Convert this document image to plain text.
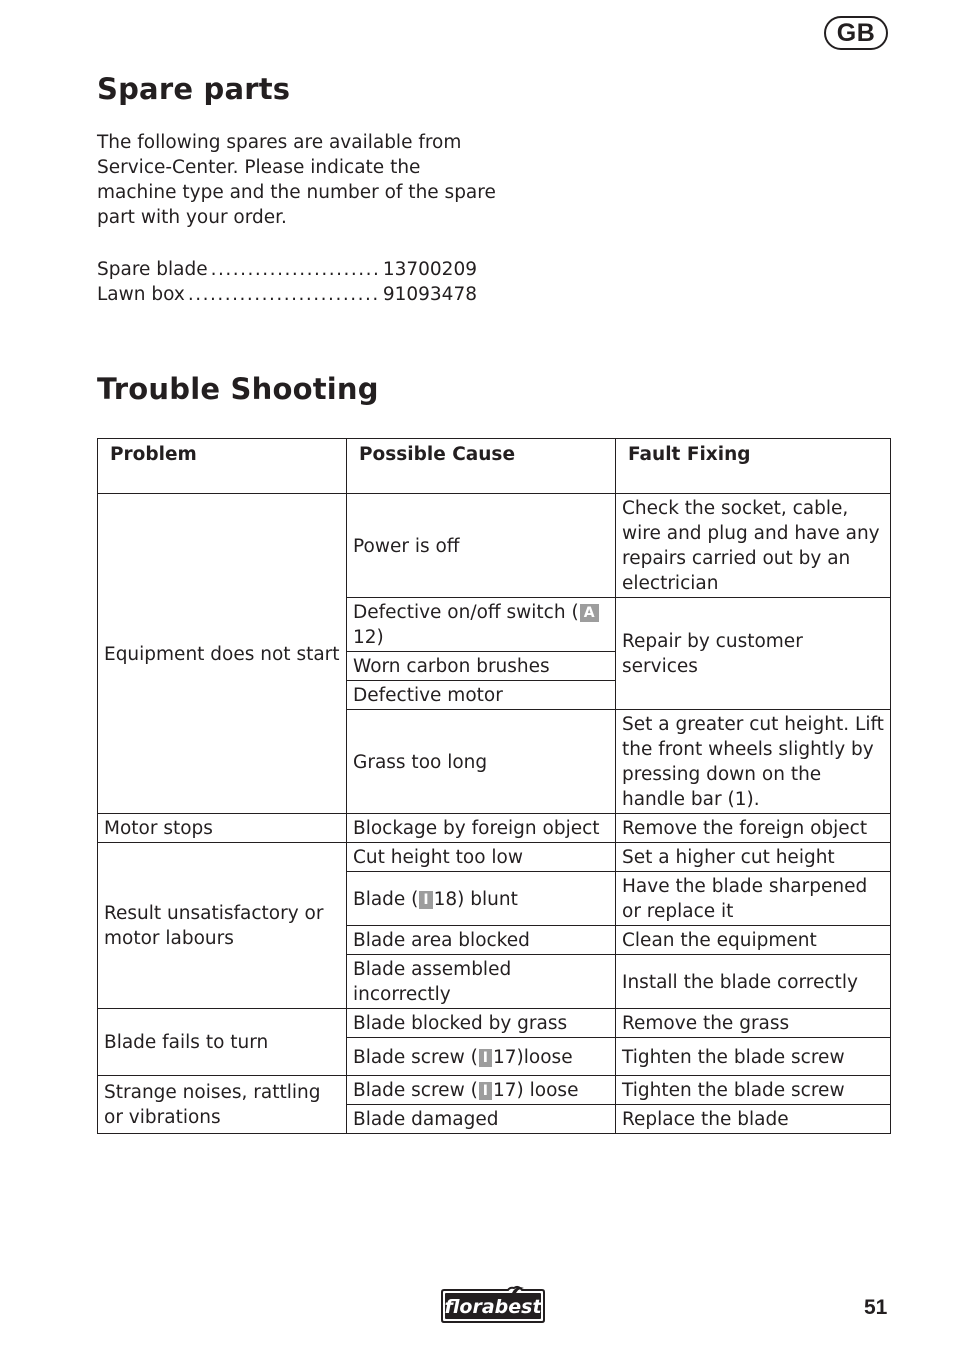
GB
Spare parts

The following spares are available from Service-Center. Please indicate the machine type and the number of the spare part with your order.

Spare blade .....	13700209
Lawn box .....	91093478
Trouble Shooting
Problem	Possible Cause	Fault Fixing
Equipment does not start	Power is off	Check the socket, cable, wire and plug and have any repairs carried out by an electrician
	Defective on/off switch ( A12)	Repair by customer services
	Worn carbon brushes	
	Defective motor	
	Grass too long	Set a greater cut height. Lift the front wheels slightly by pressing down on the handle bar (1).
Motor stops	Blockage by foreign object	Remove the foreign object
Result unsatisfactory or motor labours	Cut height too low	Set a higher cut height
	Blade ( I 18) blunt	Have the blade sharpened or replace it
	Blade area blocked	Clean the equipment
	Blade assembled incorrectly	Install the blade correctly
Blade fails to turn	Blade blocked by grass	Remove the grass
	Blade screw ( I 17)loose	Tighten the blade screw
Strange noises, rattling or vibrations	Blade screw ( I 17) loose	Tighten the blade screw
	Blade damaged	Replace the blade
florabest	51
